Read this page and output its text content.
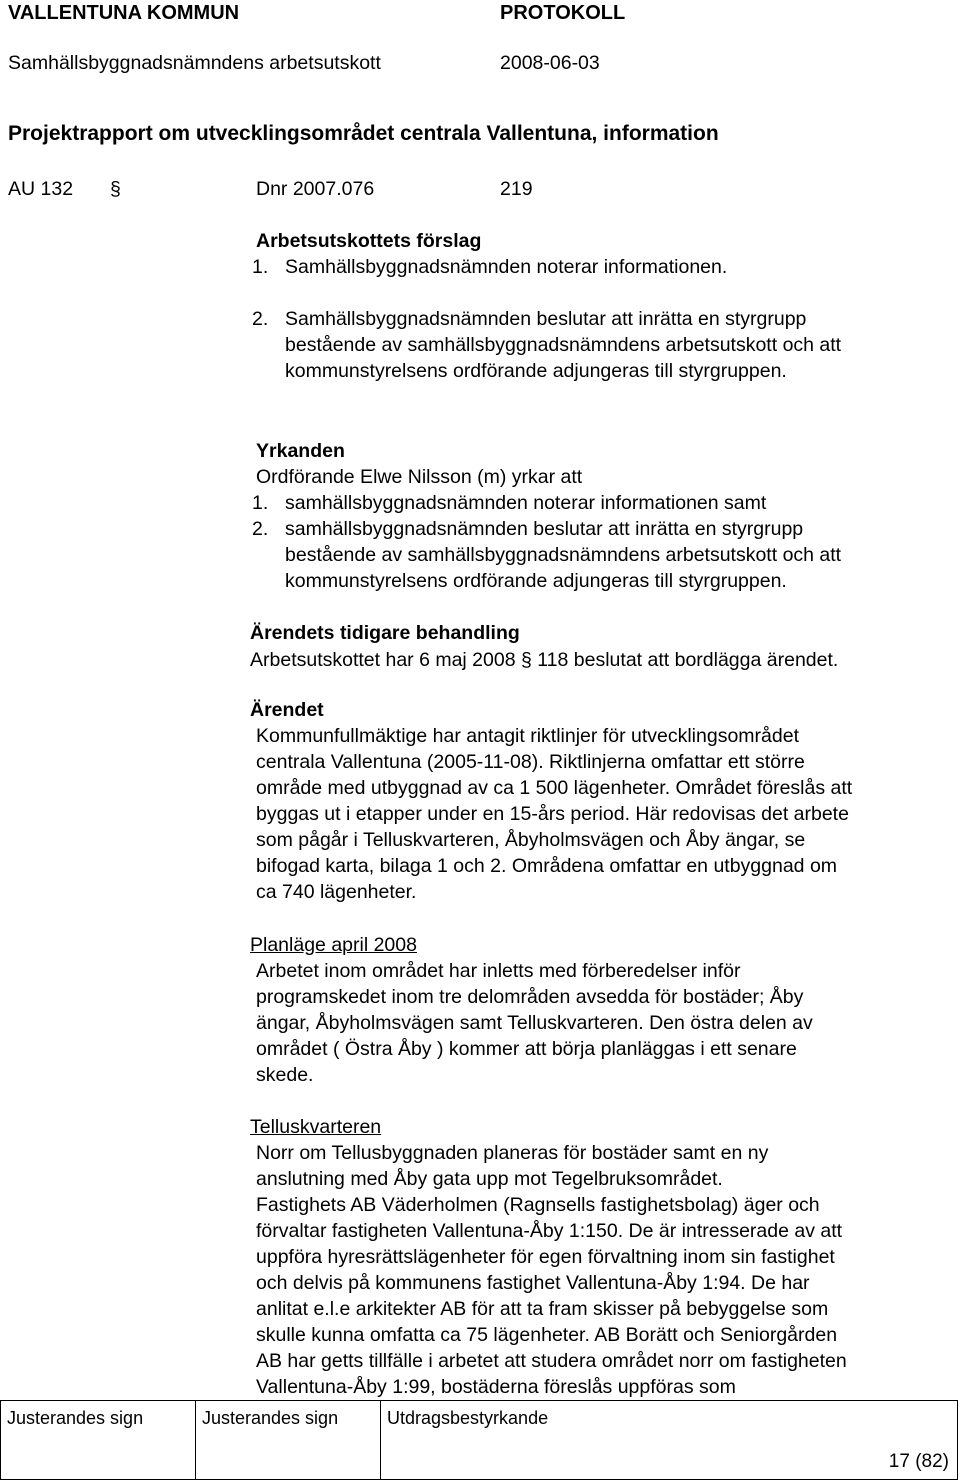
VALLENTUNA KOMMUN	PROTOKOLL
Samhällsbyggnadsnämndens arbetsutskott	2008-06-03
Projektrapport om utvecklingsområdet centrala Vallentuna, information
AU 132 §	Dnr 2007.076	219
Arbetsutskottets förslag
1. Samhällsbyggnadsnämnden noterar informationen.
2. Samhällsbyggnadsnämnden beslutar att inrätta en styrgrupp
bestående av samhällsbyggnadsnämndens arbetsutskott och att
kommunstyrelsens ordförande adjungeras till styrgruppen.
Yrkanden
Ordförande Elwe Nilsson (m) yrkar att
1. samhällsbyggnadsnämnden noterar informationen samt
2. samhällsbyggnadsnämnden beslutar att inrätta en styrgrupp
bestående av samhällsbyggnadsnämndens arbetsutskott och att
kommunstyrelsens ordförande adjungeras till styrgruppen.
Ärendets tidigare behandling
Arbetsutskottet har 6 maj 2008 § 118 beslutat att bordlägga ärendet.
Ärendet
Kommunfullmäktige har antagit riktlinjer för utvecklingsområdet
centrala Vallentuna (2005-11-08). Riktlinjerna omfattar ett större
område med utbyggnad av ca 1 500 lägenheter. Området föreslås att
byggas ut i etapper under en 15-års period. Här redovisas det arbete
som pågår i Telluskvarteren, Åbyholmsvägen och Åby ängar, se
bifogad karta, bilaga 1 och 2. Områdena omfattar en utbyggnad om
ca 740 lägenheter.
Planläge april 2008
Arbetet inom området har inletts med förberedelser inför
programskedet inom tre delområden avsedda för bostäder; Åby
ängar, Åbyholmsvägen samt Telluskvarteren. Den östra delen av
området ( Östra Åby ) kommer att börja planläggas i ett senare
skede.
Telluskvarteren
Norr om Tellusbyggnaden planeras för bostäder samt en ny
anslutning med Åby gata upp mot Tegelbruksområdet.
Fastighets AB Väderholmen (Ragnsells fastighetsbolag) äger och
förvaltar fastigheten Vallentuna-Åby 1:150. De är intresserade av att
uppföra hyresrättslägenheter för egen förvaltning inom sin fastighet
och delvis på kommunens fastighet Vallentuna-Åby 1:94. De har
anlitat e.l.e arkitekter AB för att ta fram skisser på bebyggelse som
skulle kunna omfatta ca 75 lägenheter. AB Borätt och Seniorgården
AB har getts tillfälle i arbetet att studera området norr om fastigheten
Vallentuna-Åby 1:99, bostäderna föreslås uppföras som
Justerandes sign	Justerandes sign	Utdragsbestyrkande
17 (82)
